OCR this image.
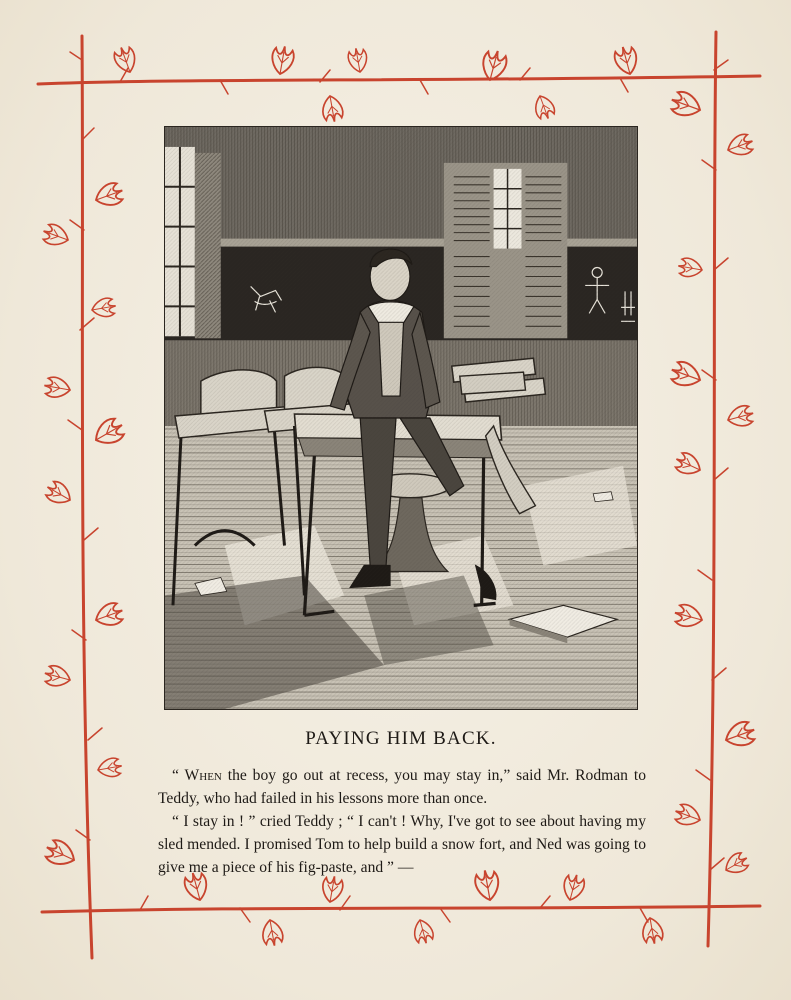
PAYING HIM BACK.

“ When the boy go out at recess, you may stay in,” said Mr. Rodman to Teddy, who had failed in his lessons more than once.

“ I stay in ! ” cried Teddy ; “ I can't ! Why, I've got to see about having my sled mended. I promised Tom to help build a snow fort, and Ned was going to give me a piece of his fig-paste, and ” —
